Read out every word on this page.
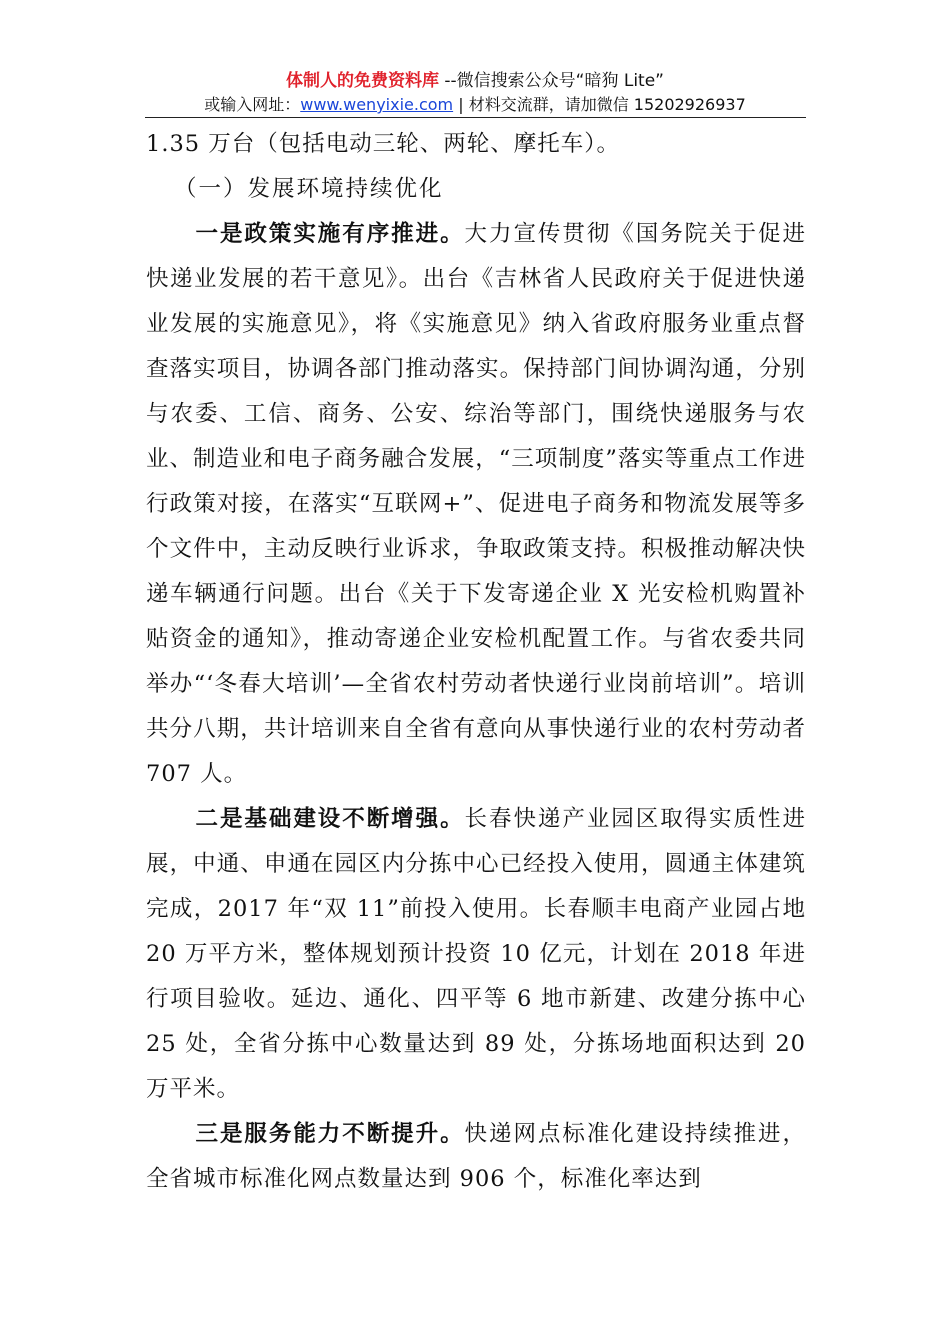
体制人的免费资料库 --微信搜索公众号“暗狗 Lite”
或输入网址：www.wenyixie.com | 材料交流群，请加微信 15202926937

1.35 万台（包括电动三轮、两轮、摩托车）。

（一）发展环境持续优化

一是政策实施有序推进。大力宣传贯彻《国务院关于促进快递业发展的若干意见》。出台《吉林省人民政府关于促进快递业发展的实施意见》，将《实施意见》纳入省政府服务业重点督查落实项目，协调各部门推动落实。保持部门间协调沟通，分别与农委、工信、商务、公安、综治等部门，围绕快递服务与农业、制造业和电子商务融合发展，“三项制度”落实等重点工作进行政策对接，在落实“互联网+”、促进电子商务和物流发展等多个文件中，主动反映行业诉求，争取政策支持。积极推动解决快递车辆通行问题。出台《关于下发寄递企业 X 光安检机购置补贴资金的通知》，推动寄递企业安检机配置工作。与省农委共同举办“‘冬春大培训’—全省农村劳动者快递行业岗前培训”。培训共分八期，共计培训来自全省有意向从事快递行业的农村劳动者 707 人。

二是基础建设不断增强。长春快递产业园区取得实质性进展，中通、申通在园区内分拣中心已经投入使用，圆通主体建筑完成，2017 年“双 11”前投入使用。长春顺丰电商产业园占地 20 万平方米，整体规划预计投资 10 亿元，计划在 2018 年进行项目验收。延边、通化、四平等 6 地市新建、改建分拣中心 25 处，全省分拣中心数量达到 89 处，分拣场地面积达到 20 万平米。

三是服务能力不断提升。快递网点标准化建设持续推进，全省城市标准化网点数量达到 906 个，标准化率达到
